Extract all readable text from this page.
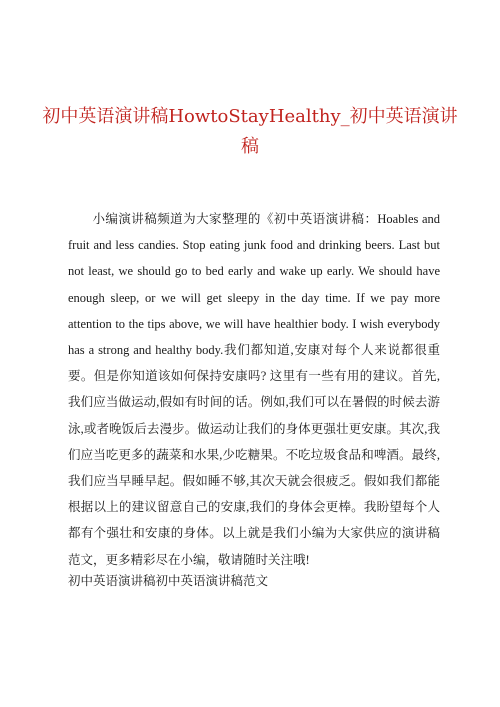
初中英语演讲稿HowtoStayHealthy_初中英语演讲稿
小编演讲稿频道为大家整理的《初中英语演讲稿：Hoables and fruit and less candies. Stop eating junk food and drinking beers. Last but not least, we should go to bed early and wake up early. We should have enough sleep, or we will get sleepy in the day time. If we pay more attention to the tips above, we will have healthier body. I wish everybody has a strong and healthy body.我们都知道,安康对每个人来说都很重要。但是你知道该如何保持安康吗? 这里有一些有用的建议。首先,我们应当做运动,假如有时间的话。例如,我们可以在暑假的时候去游泳,或者晚饭后去漫步。做运动让我们的身体更强壮更安康。其次,我们应当吃更多的蔬菜和水果,少吃糖果。不吃垃圾食品和啤酒。最终,我们应当早睡早起。假如睡不够,其次天就会很疲乏。假如我们都能根据以上的建议留意自己的安康,我们的身体会更棒。我盼望每个人都有个强壮和安康的身体。以上就是我们小编为大家供应的演讲稿范文，更多精彩尽在小编，敬请随时关注哦!
初中英语演讲稿初中英语演讲稿范文
